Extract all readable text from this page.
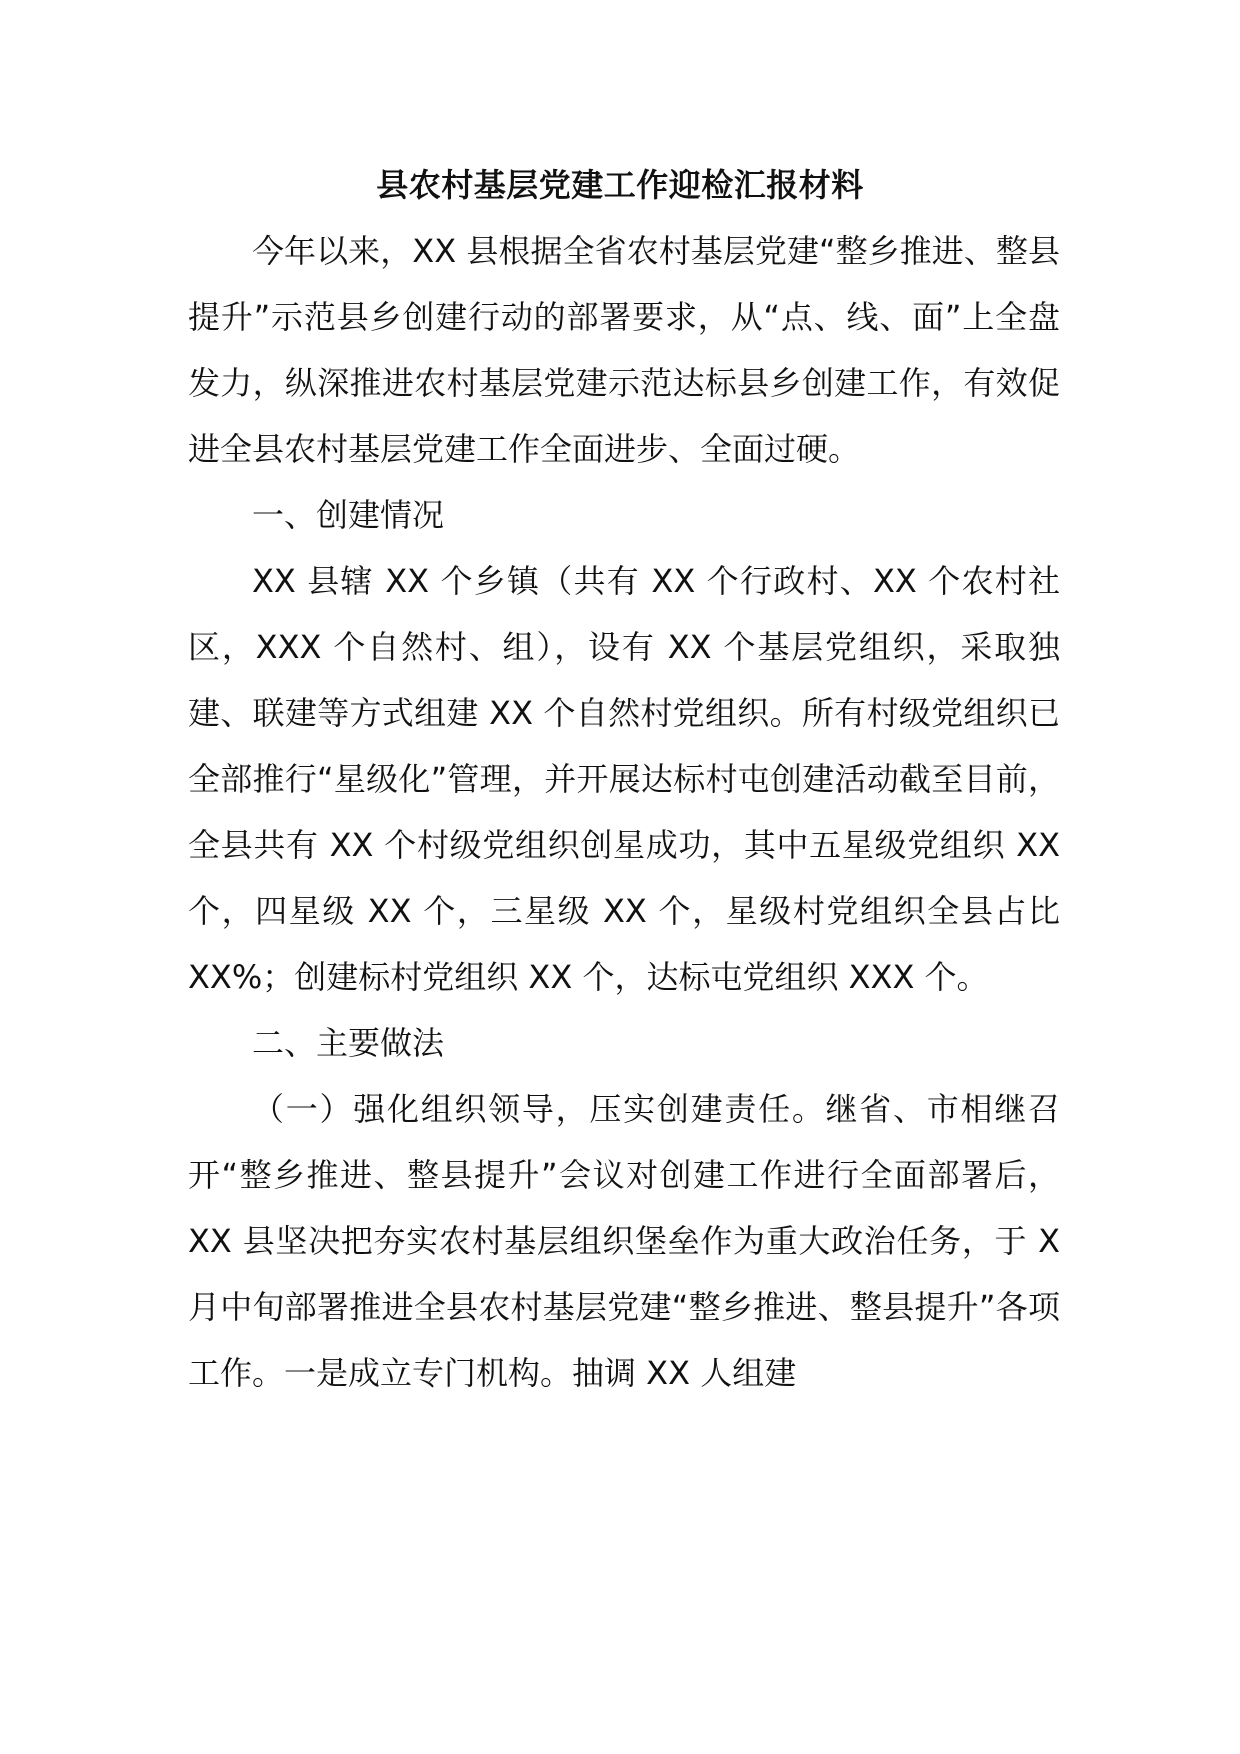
县农村基层党建工作迎检汇报材料

今年以来，XX 县根据全省农村基层党建“整乡推进、整县提升”示范县乡创建行动的部署要求，从“点、线、面”上全盘发力，纵深推进农村基层党建示范达标县乡创建工作，有效促进全县农村基层党建工作全面进步、全面过硬。

一、创建情况

XX 县辖 XX 个乡镇（共有 XX 个行政村、XX 个农村社区，XXX 个自然村、组），设有 XX 个基层党组织，采取独建、联建等方式组建 XX 个自然村党组织。所有村级党组织已全部推行“星级化”管理，并开展达标村屯创建活动截至目前，全县共有 XX 个村级党组织创星成功，其中五星级党组织 XX 个，四星级 XX 个，三星级 XX 个，星级村党组织全县占比 XX%；创建标村党组织 XX 个，达标屯党组织 XXX 个。

二、主要做法

（一）强化组织领导，压实创建责任。继省、市相继召开“整乡推进、整县提升”会议对创建工作进行全面部署后，XX 县坚决把夯实农村基层组织堡垒作为重大政治任务，于 X 月中旬部署推进全县农村基层党建“整乡推进、整县提升”各项工作。一是成立专门机构。抽调 XX 人组建
